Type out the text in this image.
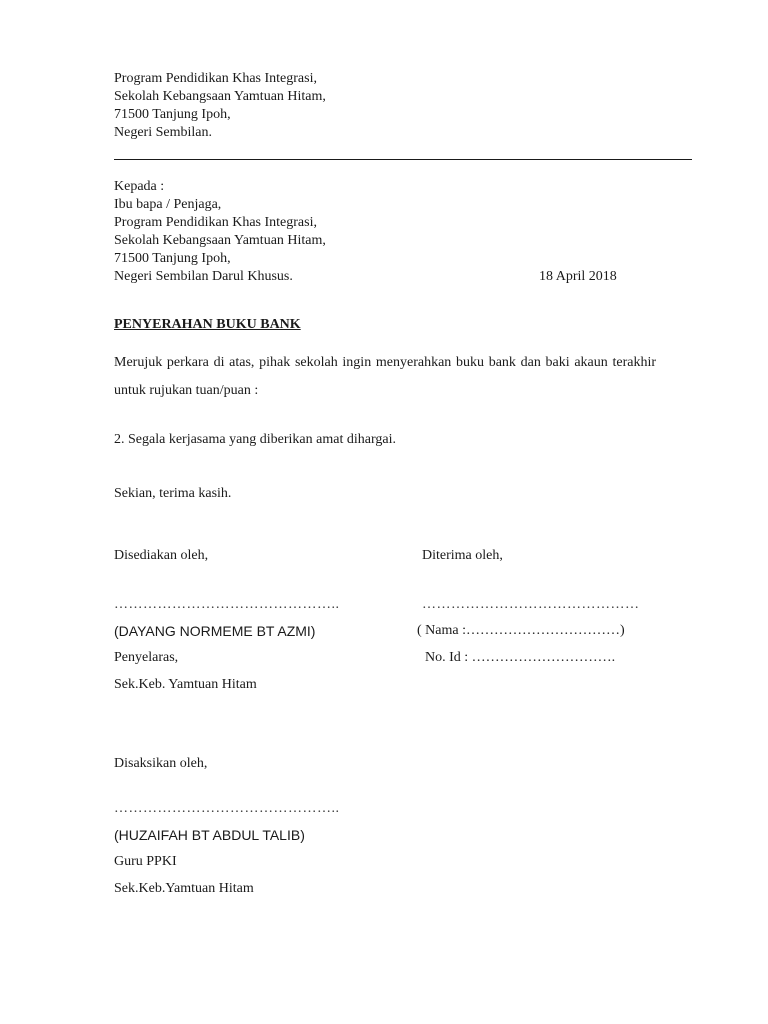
Program Pendidikan Khas Integrasi,
Sekolah Kebangsaan Yamtuan Hitam,
71500 Tanjung Ipoh,
Negeri Sembilan.
Kepada :
Ibu bapa / Penjaga,
Program Pendidikan Khas Integrasi,
Sekolah Kebangsaan Yamtuan Hitam,
71500 Tanjung Ipoh,
Negeri Sembilan Darul Khusus.	18 April 2018
PENYERAHAN BUKU BANK
Merujuk perkara di atas, pihak sekolah ingin menyerahkan buku bank dan baki akaun terakhir untuk rujukan tuan/puan :
2. Segala kerjasama yang diberikan amat dihargai.
Sekian, terima kasih.
Disediakan oleh,
………………………………………..
(DAYANG NORMEME BT AZMI)
Penyelaras,
Sek.Keb. Yamtuan Hitam
Diterima oleh,
………………………………………
( Nama :……………………………)
No. Id : ………………………….
Disaksikan oleh,
………………………………………..
(HUZAIFAH BT ABDUL TALIB)
Guru PPKI
Sek.Keb.Yamtuan Hitam
